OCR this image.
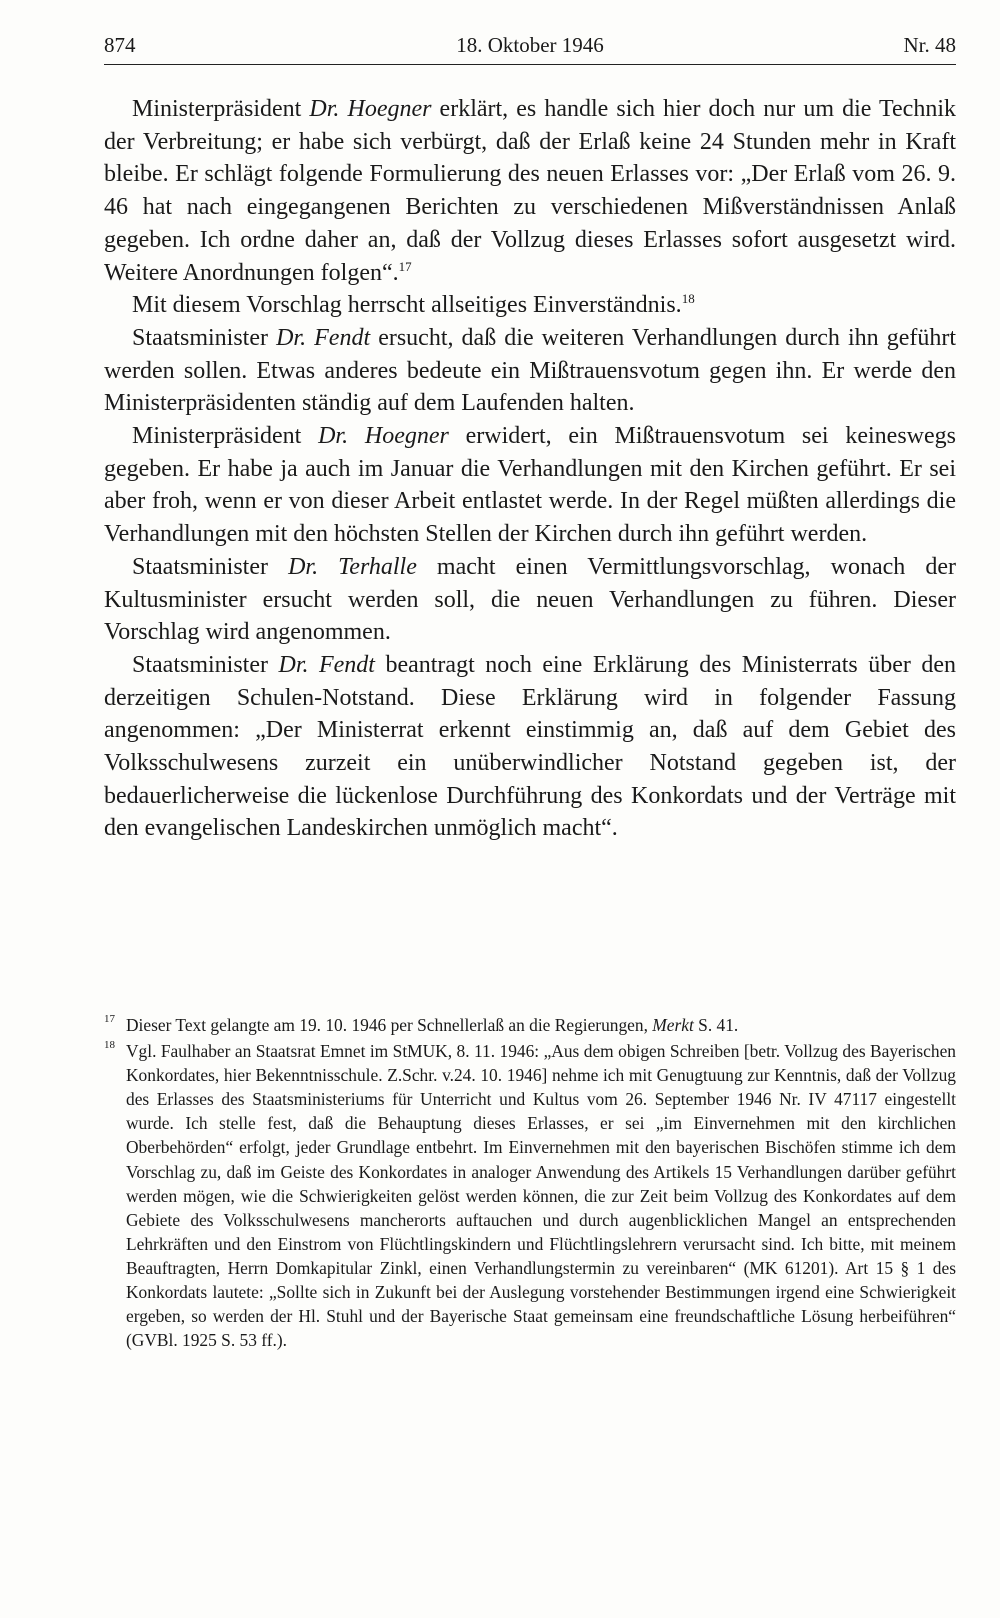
874	18. Oktober 1946	Nr. 48

Ministerpräsident Dr. Hoegner erklärt, es handle sich hier doch nur um die Technik der Verbreitung; er habe sich verbürgt, daß der Erlaß keine 24 Stunden mehr in Kraft bleibe. Er schlägt folgende Formulierung des neuen Erlasses vor: „Der Erlaß vom 26. 9. 46 hat nach eingegangenen Berichten zu verschiedenen Mißverständnissen Anlaß gegeben. Ich ordne daher an, daß der Vollzug dieses Erlasses sofort ausgesetzt wird. Weitere Anordnungen folgen“.$^{17}$

Mit diesem Vorschlag herrscht allseitiges Einverständnis.$^{18}$

Staatsminister Dr. Fendt ersucht, daß die weiteren Verhandlungen durch ihn geführt werden sollen. Etwas anderes bedeute ein Mißtrauensvotum gegen ihn. Er werde den Ministerpräsidenten ständig auf dem Laufenden halten.

Ministerpräsident Dr. Hoegner erwidert, ein Mißtrauensvotum sei keineswegs gegeben. Er habe ja auch im Januar die Verhandlungen mit den Kirchen geführt. Er sei aber froh, wenn er von dieser Arbeit entlastet werde. In der Regel müßten allerdings die Verhandlungen mit den höchsten Stellen der Kirchen durch ihn geführt werden.

Staatsminister Dr. Terhalle macht einen Vermittlungsvorschlag, wonach der Kultusminister ersucht werden soll, die neuen Verhandlungen zu führen. Dieser Vorschlag wird angenommen.

Staatsminister Dr. Fendt beantragt noch eine Erklärung des Ministerrats über den derzeitigen Schulen-Notstand. Diese Erklärung wird in folgender Fassung angenommen: „Der Ministerrat erkennt einstimmig an, daß auf dem Gebiet des Volksschulwesens zurzeit ein unüberwindlicher Notstand gegeben ist, der bedauerlicherweise die lückenlose Durchführung des Konkordats und der Verträge mit den evangelischen Landeskirchen unmöglich macht“.

17 Dieser Text gelangte am 19. 10. 1946 per Schnellerlaß an die Regierungen, Merkt S. 41.

18 Vgl. Faulhaber an Staatsrat Emnet im StMUK, 8. 11. 1946: „Aus dem obigen Schreiben [betr. Vollzug des Bayerischen Konkordates, hier Bekenntnisschule. Z.Schr. v.24. 10. 1946] nehme ich mit Genugtuung zur Kenntnis, daß der Vollzug des Erlasses des Staatsministeriums für Unterricht und Kultus vom 26. September 1946 Nr. IV 47117 eingestellt wurde. Ich stelle fest, daß die Behauptung dieses Erlasses, er sei „im Einvernehmen mit den kirchlichen Oberbehörden“ erfolgt, jeder Grundlage entbehrt. Im Einvernehmen mit den bayerischen Bischöfen stimme ich dem Vorschlag zu, daß im Geiste des Konkordates in analoger Anwendung des Artikels 15 Verhandlungen darüber geführt werden mögen, wie die Schwierigkeiten gelöst werden können, die zur Zeit beim Vollzug des Konkordates auf dem Gebiete des Volksschulwesens mancherorts auftauchen und durch augenblicklichen Mangel an entsprechenden Lehrkräften und den Einstrom von Flüchtlingskindern und Flüchtlingslehrern verursacht sind. Ich bitte, mit meinem Beauftragten, Herrn Domkapitular Zinkl, einen Verhandlungstermin zu vereinbaren“ (MK 61201). Art 15 § 1 des Konkordats lautete: „Sollte sich in Zukunft bei der Auslegung vorstehender Bestimmungen irgend eine Schwierigkeit ergeben, so werden der Hl. Stuhl und der Bayerische Staat gemeinsam eine freundschaftliche Lösung herbeiführen“ (GVBl. 1925 S. 53 ff.).
